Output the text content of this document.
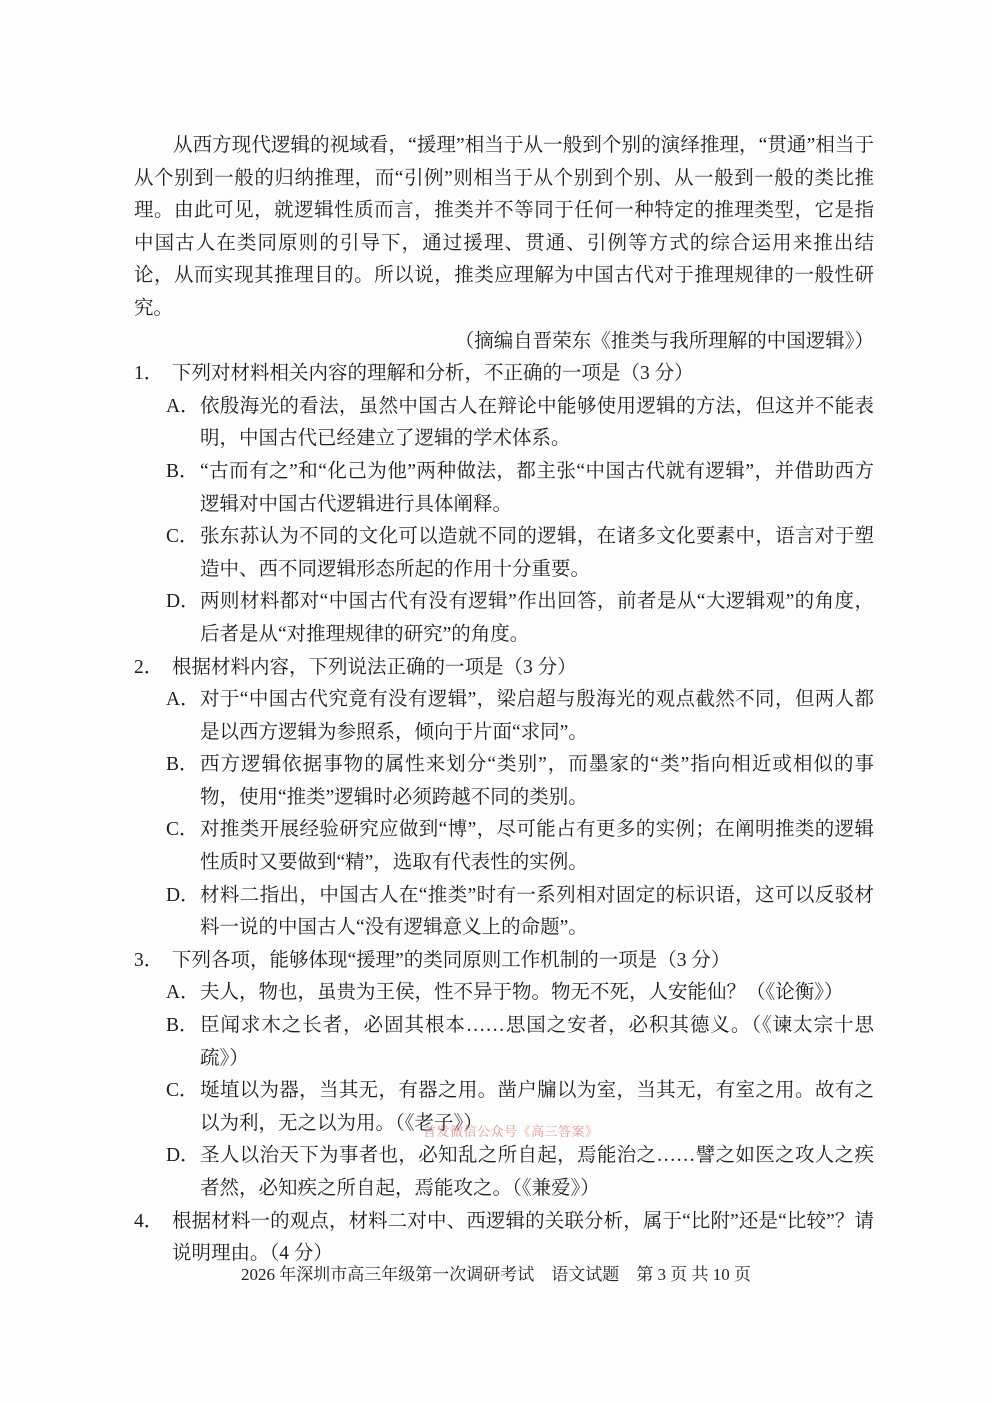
从西方现代逻辑的视域看，“援理”相当于从一般到个别的演绎推理，“贯通”相当于从个别到一般的归纳推理，而“引例”则相当于从个别到个别、从一般到一般的类比推理。由此可见，就逻辑性质而言，推类并不等同于任何一种特定的推理类型，它是指中国古人在类同原则的引导下，通过援理、贯通、引例等方式的综合运用来推出结论，从而实现其推理目的。所以说，推类应理解为中国古代对于推理规律的一般性研究。

（摘编自晋荣东《推类与我所理解的中国逻辑》）

1． 下列对材料相关内容的理解和分析，不正确的一项是（3 分）
A． 依殷海光的看法，虽然中国古人在辩论中能够使用逻辑的方法，但这并不能表明，中国古代已经建立了逻辑的学术体系。
B． “古而有之”和“化己为他”两种做法，都主张“中国古代就有逻辑”，并借助西方逻辑对中国古代逻辑进行具体阐释。
C． 张东荪认为不同的文化可以造就不同的逻辑，在诸多文化要素中，语言对于塑造中、西不同逻辑形态所起的作用十分重要。
D． 两则材料都对“中国古代有没有逻辑”作出回答，前者是从“大逻辑观”的角度，后者是从“对推理规律的研究”的角度。
2． 根据材料内容，下列说法正确的一项是（3 分）
A． 对于“中国古代究竟有没有逻辑”，梁启超与殷海光的观点截然不同，但两人都是以西方逻辑为参照系，倾向于片面“求同”。
B． 西方逻辑依据事物的属性来划分“类别”，而墨家的“类”指向相近或相似的事物，使用“推类”逻辑时必须跨越不同的类别。
C． 对推类开展经验研究应做到“博”，尽可能占有更多的实例；在阐明推类的逻辑性质时又要做到“精”，选取有代表性的实例。
D． 材料二指出，中国古人在“推类”时有一系列相对固定的标识语，这可以反驳材料一说的中国古人“没有逻辑意义上的命题”。
3． 下列各项，能够体现“援理”的类同原则工作机制的一项是（3 分）
A． 夫人，物也，虽贵为王侯，性不异于物。物无不死，人安能仙？（《论衡》）
B． 臣闻求木之长者，必固其根本……思国之安者，必积其德义。（《谏太宗十思疏》）
C． 埏埴以为器，当其无，有器之用。凿户牖以为室，当其无，有室之用。故有之以为利，无之以为用。（《老子》）
D． 圣人以治天下为事者也，必知乱之所自起，焉能治之……譬之如医之攻人之疾者然，必知疾之所自起，焉能攻之。（《兼爱》）
4． 根据材料一的观点，材料二对中、西逻辑的关联分析，属于“比附”还是“比较”？请说明理由。（4 分）
首发微信公众号《高三答案》
2026 年深圳市高三年级第一次调研考试　语文试题　第 3 页 共 10 页
